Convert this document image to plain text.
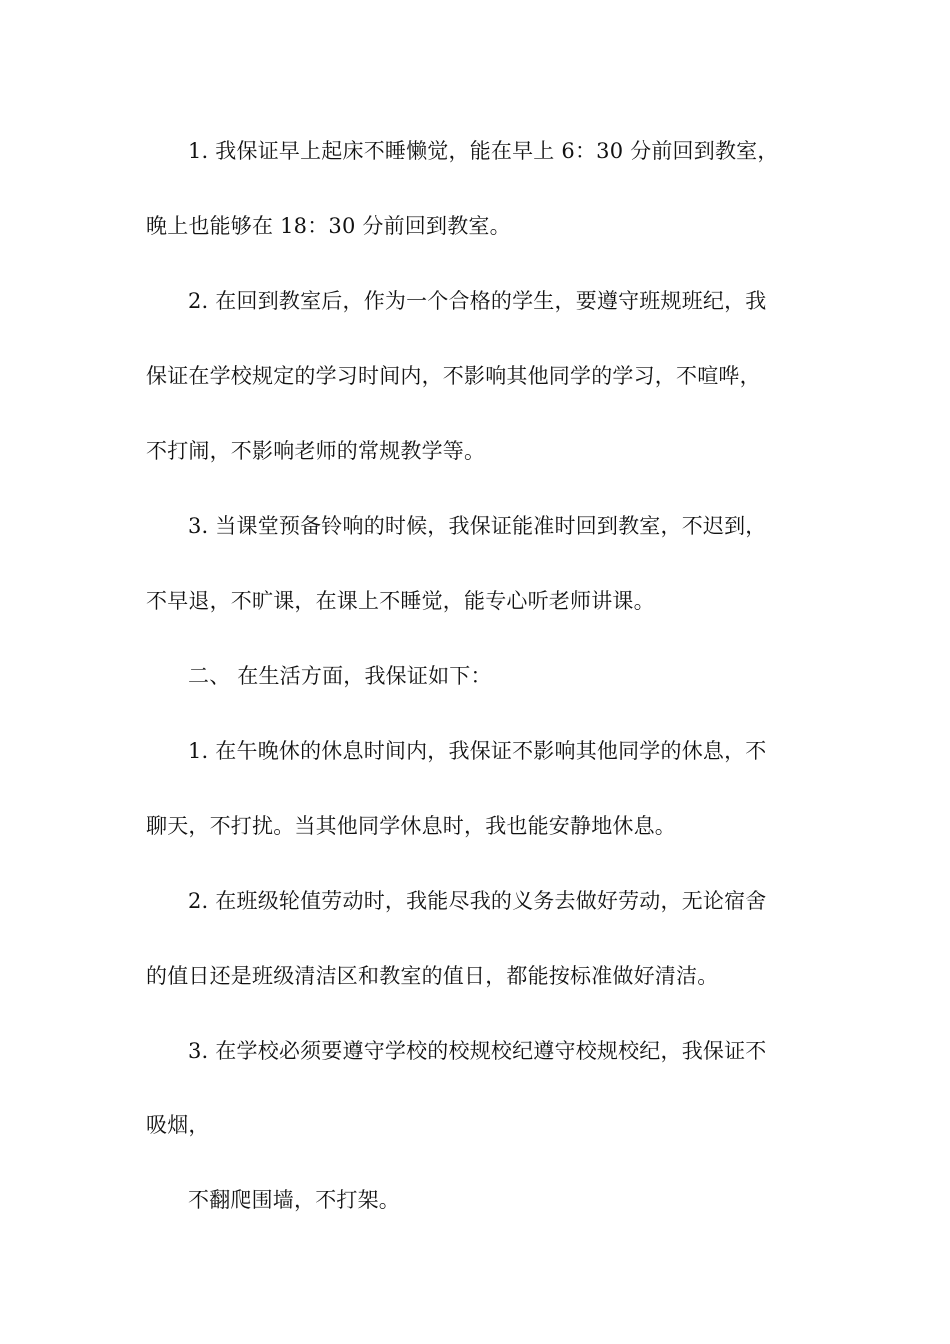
1. 我保证早上起床不睡懒觉，能在早上 6：30 分前回到教室，
晚上也能够在 18：30 分前回到教室。
2. 在回到教室后，作为一个合格的学生，要遵守班规班纪，我
保证在学校规定的学习时间内，不影响其他同学的学习，不喧哗，
不打闹，不影响老师的常规教学等。
3. 当课堂预备铃响的时候，我保证能准时回到教室，不迟到，
不早退，不旷课，在课上不睡觉，能专心听老师讲课。
二、 在生活方面，我保证如下：
1. 在午晚休的休息时间内，我保证不影响其他同学的休息，不
聊天，不打扰。当其他同学休息时，我也能安静地休息。
2. 在班级轮值劳动时，我能尽我的义务去做好劳动，无论宿舍
的值日还是班级清洁区和教室的值日，都能按标准做好清洁。
3. 在学校必须要遵守学校的校规校纪遵守校规校纪，我保证不
吸烟，
不翻爬围墙，不打架。
